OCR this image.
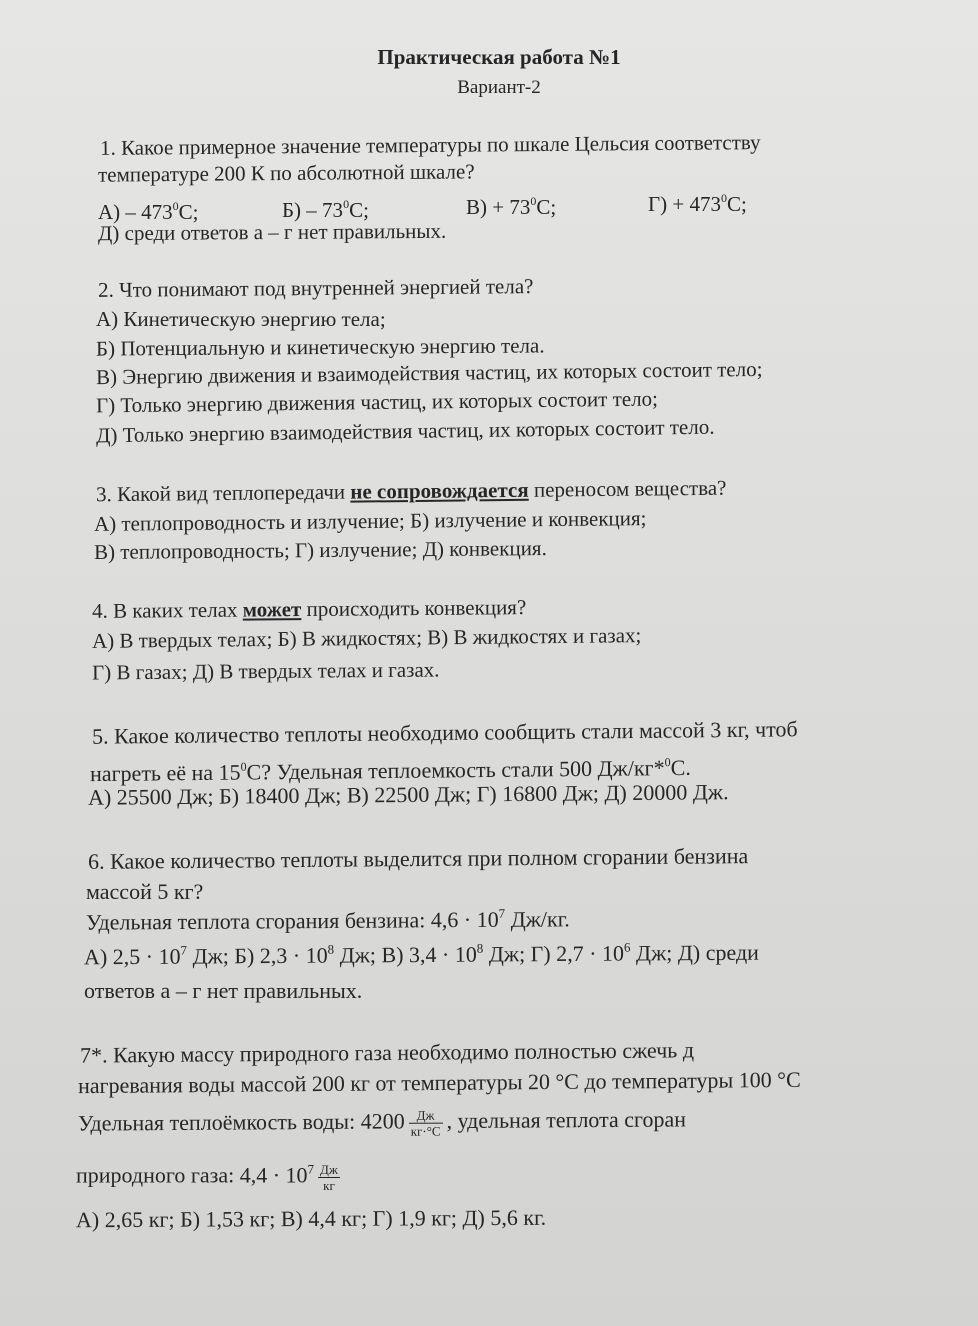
Практическая работа №1
Вариант-2
1. Какое примерное значение температуры по шкале Цельсия соответству
температуре 200 К по абсолютной шкале?
$А) - 473^0С$;	$Б) - 73^0С$;	$В) + 73^0С$;	$Г) + 473^0С$;
Д) среди ответов а – г нет правильных.
2. Что понимают под внутренней энергией тела?
А) Кинетическую энергию тела;
Б) Потенциальную и кинетическую энергию тела.
В) Энергию движения и взаимодействия частиц, их которых состоит тело;
Г) Только энергию движения частиц, их которых состоит тело;
Д) Только энергию взаимодействия частиц, их которых состоит тело.
3. Какой вид теплопередачи не сопровождается переносом вещества?
А) теплопроводность и излучение; Б) излучение и конвекция;
В) теплопроводность; Г) излучение; Д) конвекция.
4. В каких телах может происходить конвекция?
А) В твердых телах; Б) В жидкостях; В) В жидкостях и газах;
Г) В газах; Д) В твердых телах и газах.
5. Какое количество теплоты необходимо сообщить стали массой 3 кг, чтоб
нагреть её на $15^0С$? Удельная теплоемкость стали 500 Дж/кг*$^0$С.
А) 25500 Дж; Б) 18400 Дж; В) 22500 Дж; Г) 16800 Дж; Д) 20000 Дж.
6. Какое количество теплоты выделится при полном сгорании бензина
массой 5 кг?
Удельная теплота сгорания бензина: $4,6 \cdot 10^7$ Дж/кг.
А) $2,5 \cdot 10^7$ Дж; Б) $2,3 \cdot 10^8$ Дж; В) $3,4 \cdot 10^8$ Дж; Г) $2,7 \cdot 10^6$ Дж; Д) среди
ответов а – г нет правильных.
7*. Какую массу природного газа необходимо полностью сжечь д
нагревания воды массой 200 кг от температуры 20 °С до температуры 100 °С
Удельная теплоёмкость воды: $4200 \frac{Дж}{кг\cdot^\circ С}$ , удельная теплота сгоран
природного газа: $4,4 \cdot 10^7 \frac{Дж}{кг}$
А) 2,65 кг; Б) 1,53 кг; В) 4,4 кг; Г) 1,9 кг; Д) 5,6 кг.
